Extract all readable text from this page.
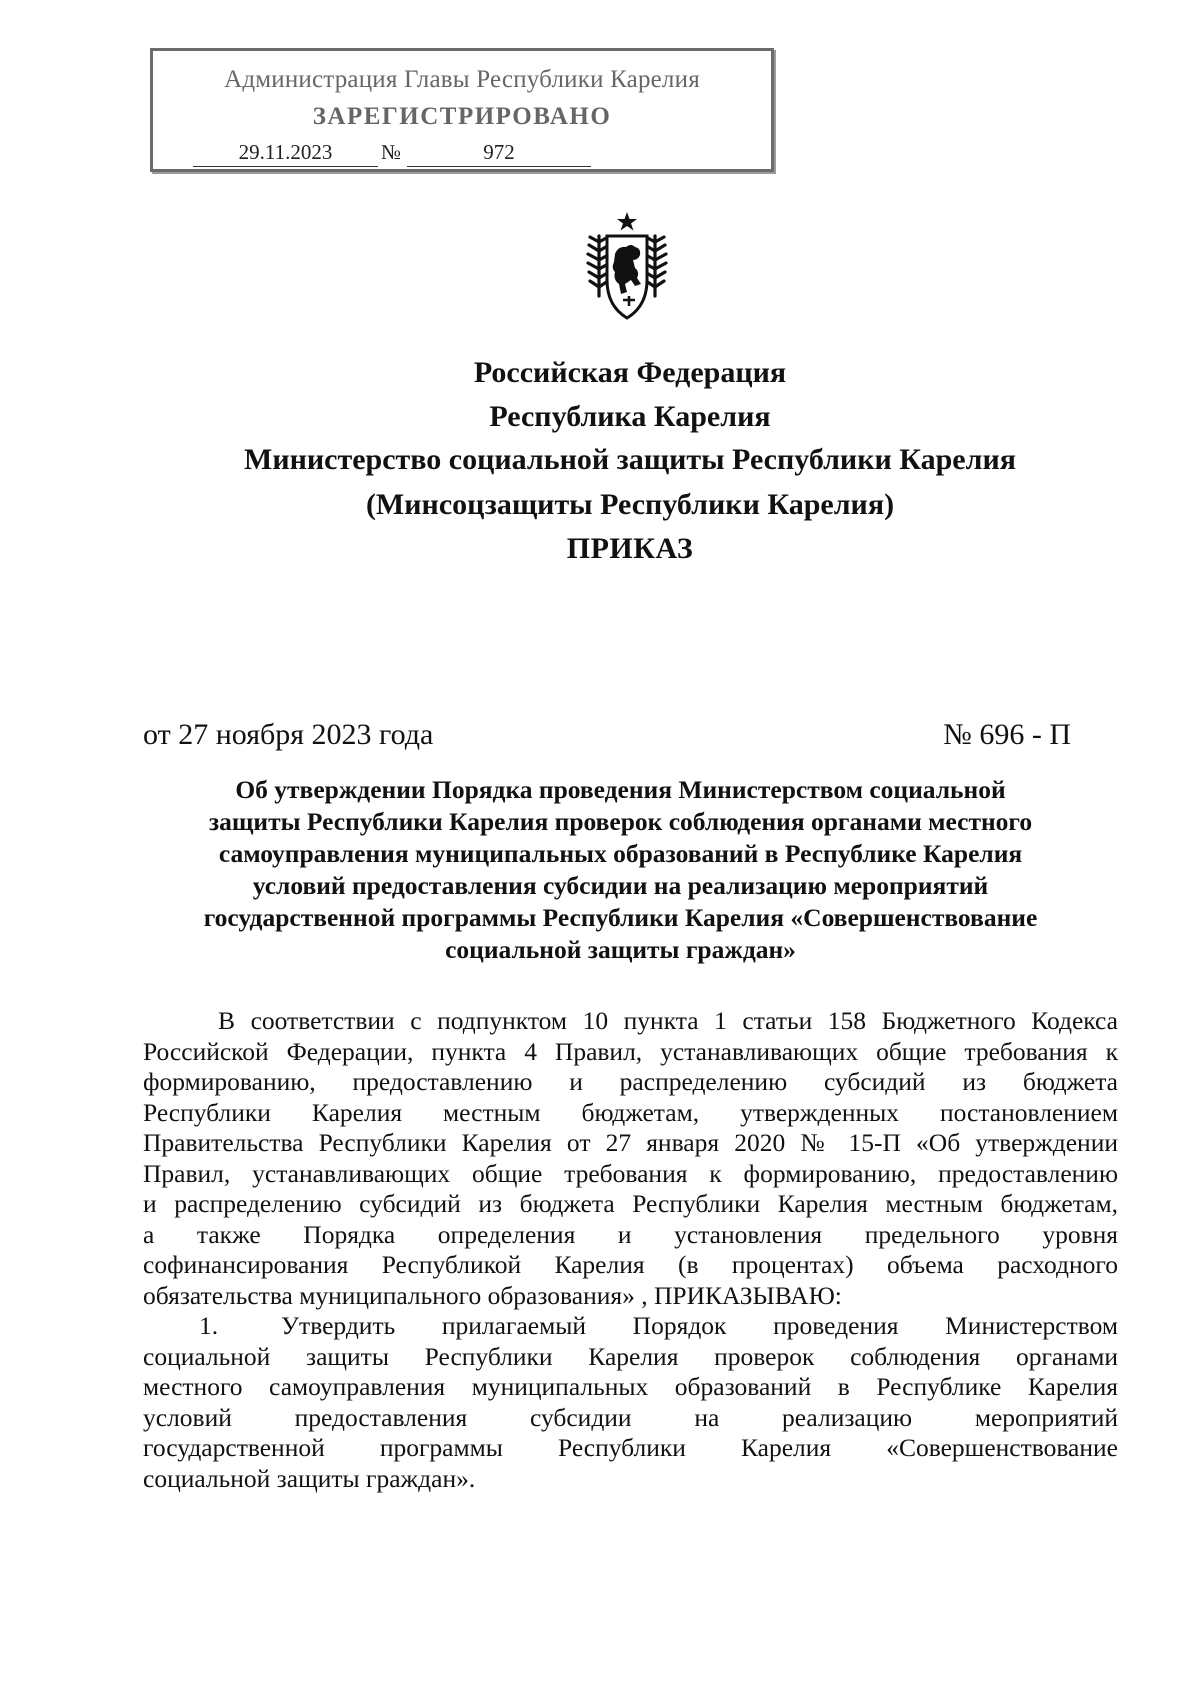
Администрация Главы Республики Карелия
ЗАРЕГИСТРИРОВАНО
29.11.2023	№	972
Российская Федерация
Республика Карелия
Министерство социальной защиты Республики Карелия
(Минсоцзащиты Республики Карелия)
ПРИКАЗ
от 27 ноября 2023 года	№ 696 - П
Об утверждении Порядка проведения Министерством социальной
защиты Республики Карелия проверок соблюдения органами местного
самоуправления муниципальных образований в Республике Карелия
условий предоставления субсидии на реализацию мероприятий
государственной программы Республики Карелия «Совершенствование
социальной защиты граждан»
В соответствии с подпунктом 10 пункта 1 статьи 158 Бюджетного Кодекса
Российской Федерации, пункта 4 Правил, устанавливающих общие требования к
формированию, предоставлению и распределению субсидий из бюджета
Республики Карелия местным бюджетам, утвержденных постановлением
Правительства Республики Карелия от 27 января 2020 № 15-П «Об утверждении
Правил, устанавливающих общие требования к формированию, предоставлению
и распределению субсидий из бюджета Республики Карелия местным бюджетам,
а также Порядка определения и установления предельного уровня
софинансирования Республикой Карелия (в процентах) объема расходного
обязательства муниципального образования» , ПРИКАЗЫВАЮ:
1. Утвердить прилагаемый Порядок проведения Министерством
социальной защиты Республики Карелия проверок соблюдения органами
местного самоуправления муниципальных образований в Республике Карелия
условий предоставления субсидии на реализацию мероприятий
государственной программы Республики Карелия «Совершенствование
социальной защиты граждан».
